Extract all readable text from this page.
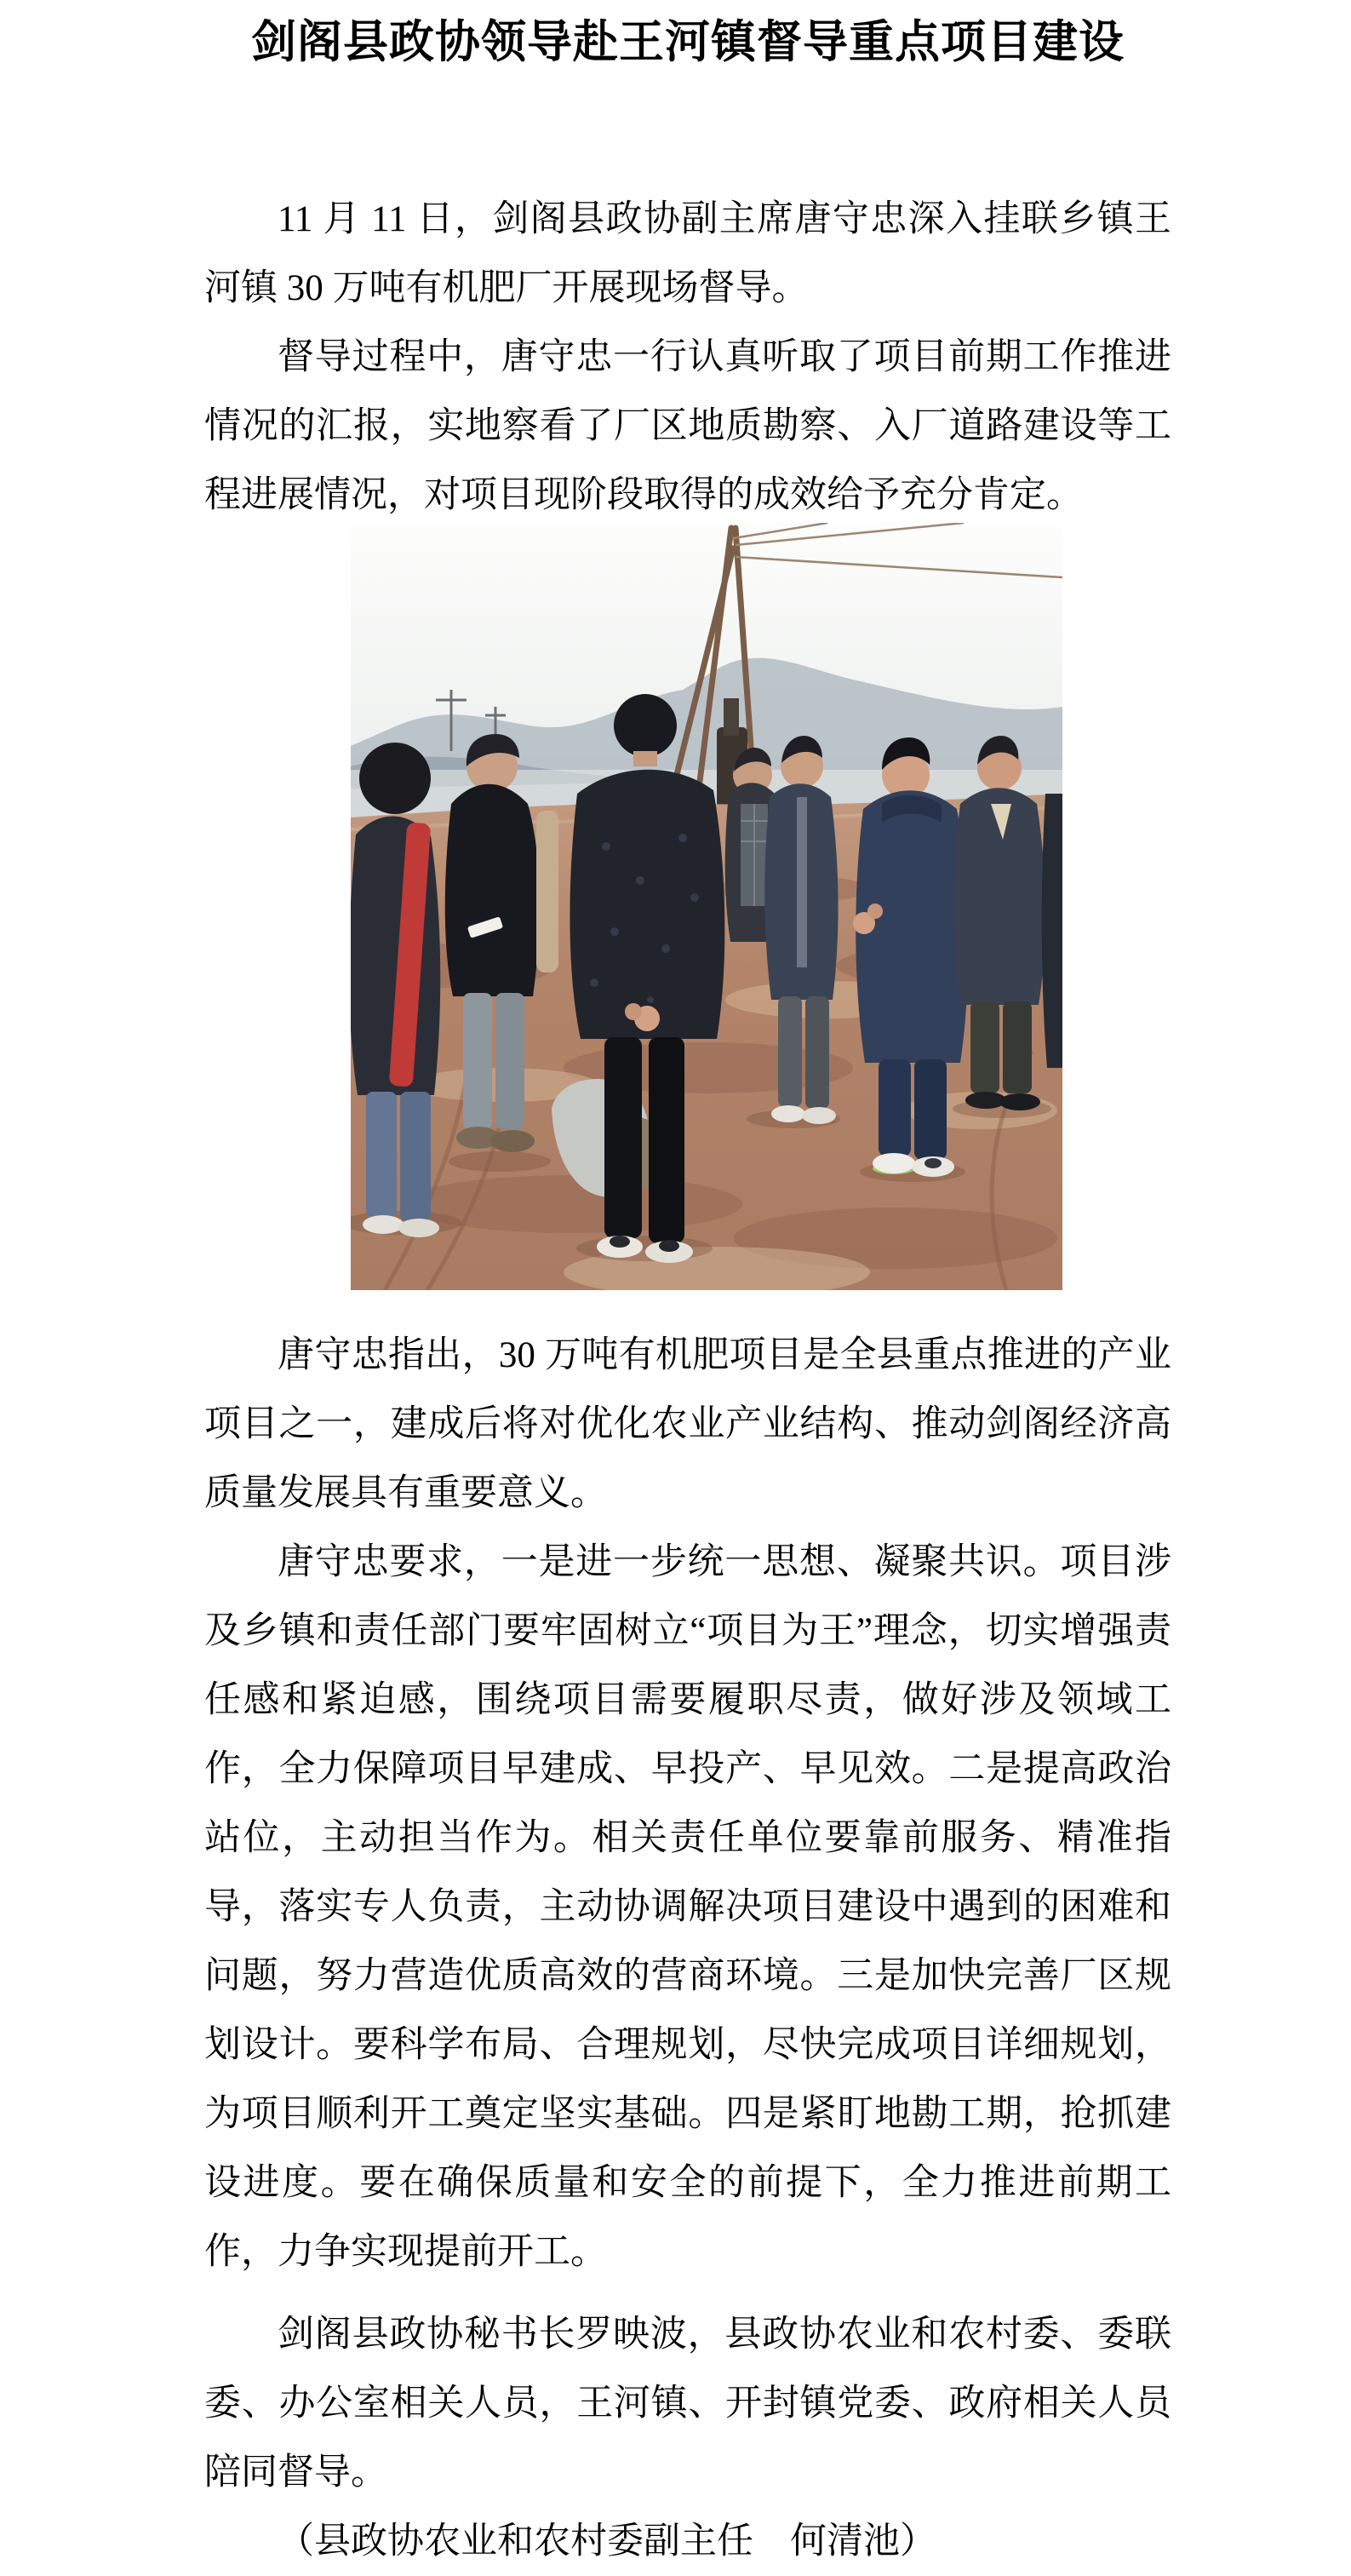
剑阁县政协领导赴王河镇督导重点项目建设

11 月 11 日，剑阁县政协副主席唐守忠深入挂联乡镇王河镇 30 万吨有机肥厂开展现场督导。

督导过程中，唐守忠一行认真听取了项目前期工作推进情况的汇报，实地察看了厂区地质勘察、入厂道路建设等工程进展情况，对项目现阶段取得的成效给予充分肯定。

唐守忠指出，30 万吨有机肥项目是全县重点推进的产业项目之一，建成后将对优化农业产业结构、推动剑阁经济高质量发展具有重要意义。

唐守忠要求，一是进一步统一思想、凝聚共识。项目涉及乡镇和责任部门要牢固树立“项目为王”理念，切实增强责任感和紧迫感，围绕项目需要履职尽责，做好涉及领域工作，全力保障项目早建成、早投产、早见效。二是提高政治站位，主动担当作为。相关责任单位要靠前服务、精准指导，落实专人负责，主动协调解决项目建设中遇到的困难和问题，努力营造优质高效的营商环境。三是加快完善厂区规划设计。要科学布局、合理规划，尽快完成项目详细规划，为项目顺利开工奠定坚实基础。四是紧盯地勘工期，抢抓建设进度。要在确保质量和安全的前提下，全力推进前期工作，力争实现提前开工。

剑阁县政协秘书长罗映波，县政协农业和农村委、委联委、办公室相关人员，王河镇、开封镇党委、政府相关人员陪同督导。

（县政协农业和农村委副主任　何清池）
